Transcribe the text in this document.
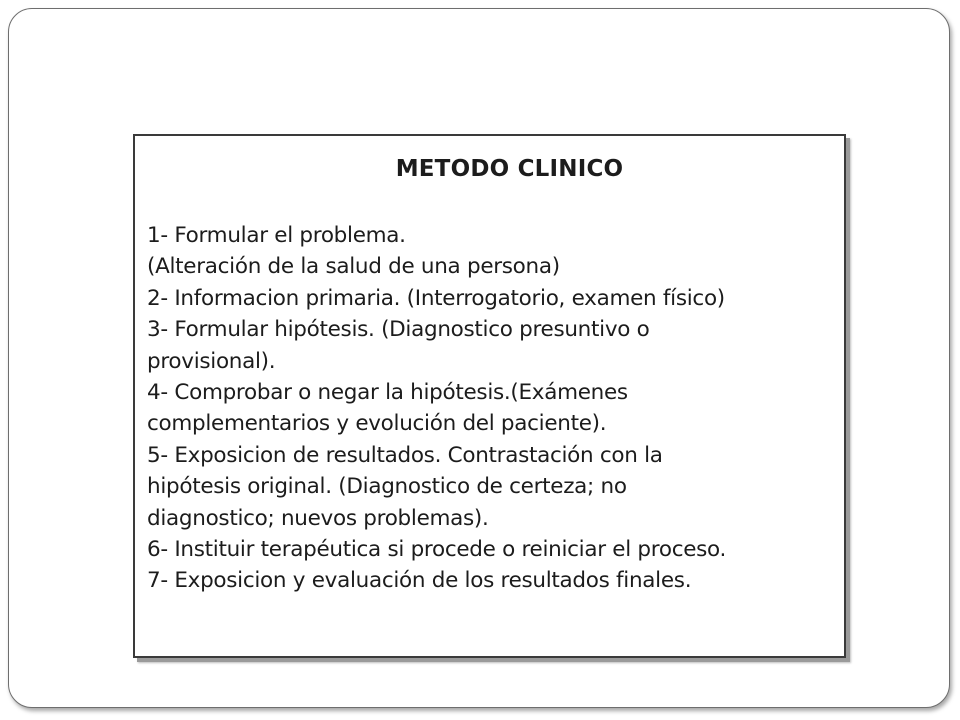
METODO CLINICO
1- Formular el problema.
(Alteración de la salud de una persona)
2- Informacion primaria. (Interrogatorio, examen físico)
3- Formular hipótesis. (Diagnostico presuntivo o
provisional).
4- Comprobar o negar la hipótesis.(Exámenes
complementarios y evolución del paciente).
5- Exposicion de resultados. Contrastación con la
hipótesis original. (Diagnostico de certeza; no
diagnostico; nuevos problemas).
6- Instituir terapéutica si procede o reiniciar el proceso.
7- Exposicion y evaluación de los resultados finales.
